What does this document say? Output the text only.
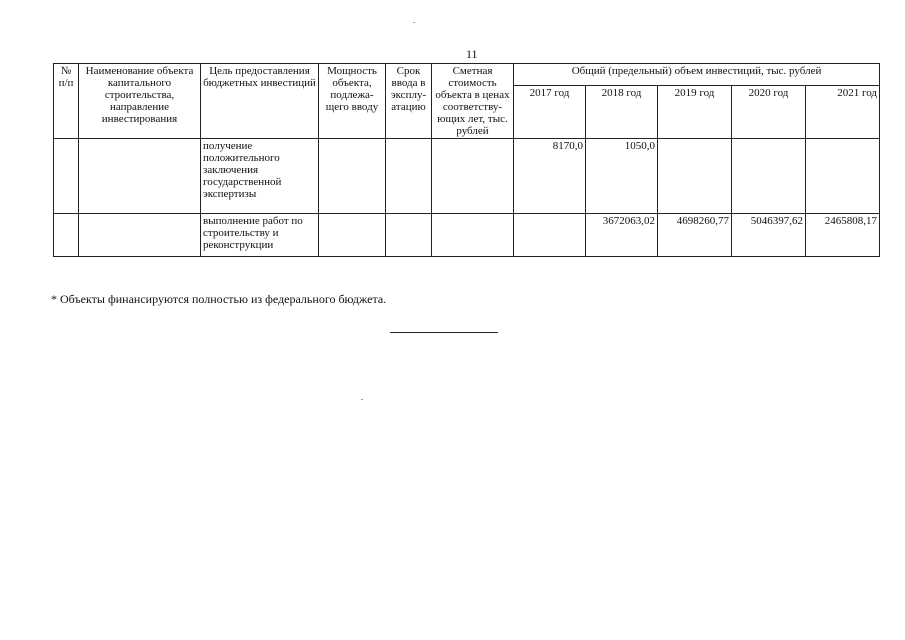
11
№ п/п	Наименование объекта капитального строительства, направление инвестирования	Цель предоставления бюджетных инвестиций	Мощность объекта, подлежа-щего вводу	Срок ввода в эксплу-атацию	Сметная стоимость объекта в ценах соответству-ющих лет, тыс. рублей	Общий (предельный) объем инвестиций, тыс. рублей				
						2017 год	2018 год	2019 год	2020 год	2021 год
		получение положительного заключения государственной экспертизы				8170,0	1050,0			
		выполнение работ по строительству и реконструкции					3672063,02	4698260,77	5046397,62	2465808,17
* Объекты финансируются полностью из федерального бюджета.
